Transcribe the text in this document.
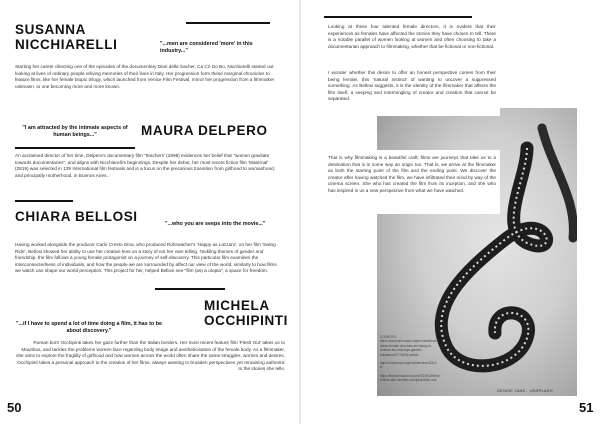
SUSANNA
NICCHIARELLI	"...men are considered 'more' in this industry..."
Starting her career directing one of the episodes of the documentary Diari della Sacher, Ca Cri Do Bo, Nicchiarelli started out looking at lives of ordinary people reliving memories of their lives in Italy. Her progression form these marginal chronicles to feature films, like her female biopic trilogy, which launched from Venice Film Festival, mirror her progression from a filmmaker unknown, to one becoming more and more known.
"I am attracted by the intimate aspects of human beings..."	MAURA DELPERO
An acclaimed director of her time, Delpero's documentary film 'Teachers' (2998) evidences her belief that "women gravitate towards documentaries", and aligns with Nicchiarelli's beginnings. Despite her debut, her most recent fiction film 'Maternal' (2819) was selected in 139 International film festivals and is a focus on the precarious transition from girlhood to womanhood, and principally motherhood, in Buenos Aires..
CHIARA BELLOSI	"...who you are seeps into the movie..."
Having worked alongside the producer Carlo Cresto Dina, who produced Rohrwacher's 'Happy as Lazzaro', on her film 'Swing Ride', Bellosi showed her ability to use her creative lens on a story of not her own telling. Tackling themes of gender and friendship, the film follows a young female protagonist on a journey of self-discovery. This particular film examines the interconnectedness of individuals, and how the people we are surrounded by affect our view of the world, similarly to how films we watch can shape our world perception. This project for her, helped Bellosi see "film (as) a utopia", a space for freedom.
MICHELA
OCCHIPINTI
"...if I have to spend a lot of time doing a film, it has to be about discovery."
Roman born Occhipinti takes her gaze further than the Italian borders. Her most recent feature film 'Flesh Out' takes us to Mauritius, and tackles the problems women face regarding body image and aestheticisation of the female body. As a filmmaker, she aims to explore the fragility of girlhood and how women across the world often share the same struggles, worries and desires. Occhipinti takes a personal approach to the creation of her films, always wanting to broaden perspectives yet remaining authentic to the stories she tells.
50
Looking at these four talented female directors, it is evident that their experiences as females have affected the stories they have chosen to tell. There is a notable parallel of women looking at women and often choosing to take a documentarian approach to filmmaking, whether that be fictional or non-fictional.
I wonder whether this desire to offer an honest perspective comes from their being female, this 'natural instinct' of wanting to uncover a suppressed something. As Bellosi suggests, it is the identity of the filmmaker that affects the film itself, a seeping and intermingling of creator and creation that cannot be separated.
That is why filmmaking is a beautiful craft; films are journeys that take us to a destination that is in some way an origin too. That is, we arrive at the filmmaker as both the starting point of the film and the ending point. We discover the creator after having watched the film, we have infiltrated their mind by way of the cinema screen. She who has created the film from its inception, and she who has inspired in us a new perspective from what we have watched.
SOURCES:
https://www.cineuropa.org/en/news/how-
italian-female-directors-are-trying-to-
redress-the-industrys-gender-
imbalance/377494/#.article
https://cineuropa.org/en/interview/42312
2/
https://thecinemaroom.com/2019/03/06/int
erview-with-michela-occhipinti-flesh-out/
DENISE JANS - UNSPLASH
51
